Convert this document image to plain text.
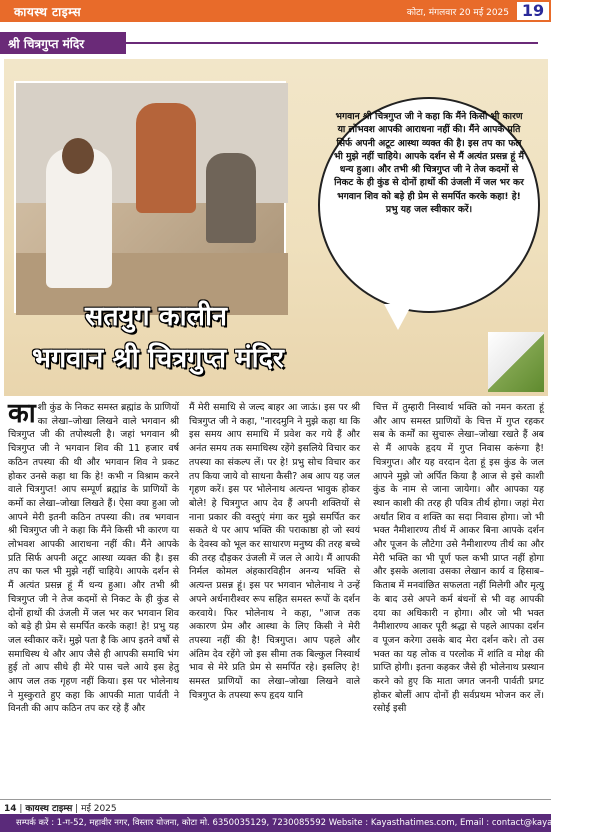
कायस्थ टाइम्स	कोटा, मंगलवार 20 मई 2025 19
श्री चित्रगुप्त मंदिर
भगवान श्री चित्रगुप्त जी ने कहा कि मैंने किसी भी कारण या लोभवश आपकी आराधना नहीं की। मैंने आपके प्रति सिर्फ अपनी अटूट आस्था व्यक्त की है। इस तप का फल भी मुझे नहीं चाहिये। आपके दर्शन से मैं अत्यंत प्रसन्न हूं मैं धन्य हुआ। और तभी श्री चित्रगुप्त जी ने तेज कदमों से निकट के ही कुंड से दोनों हाथों की उंजली में जल भर कर भगवान शिव को बड़े ही प्रेम से समर्पित करके कहा! हे! प्रभु यह जल स्वीकार करें।
सतयुग कालीन
भगवान श्री चित्रगुप्त मंदिर
काशी कुंड के निकट समस्त ब्रह्मांड के प्राणियों का लेखा–जोखा लिखने वाले भगवान श्री चित्रगुप्त जी की तपोस्थली है। जहां भगवान श्री चित्रगुप्त जी ने भगवान शिव की 11 हजार वर्ष कठिन तपस्या की थी और भगवान शिव ने प्रकट होकर उनसे कहा था कि हे! कभी न विश्राम करने वाले चित्रगुप्त! आप सम्पूर्ण ब्रह्मांड के प्राणियों के कर्मो का लेखा–जोखा लिखते हैं। ऐसा क्या हुआ जो आपने मेरी इतनी कठिन तपस्या की। तब भगवान श्री चित्रगुप्त जी ने कहा कि मैंने किसी भी कारण या लोभवश आपकी आराधना नहीं की। मैंने आपके प्रति सिर्फ अपनी अटूट आस्था व्यक्त की है। इस तप का फल भी मुझे नहीं चाहिये। आपके दर्शन से मैं अत्यंत प्रसन्न हूं मैं धन्य हुआ। और तभी श्री चित्रगुप्त जी ने तेज कदमों से निकट के ही कुंड से दोनों हाथों की उंजली में जल भर कर भगवान शिव को बड़े ही प्रेम से समर्पित करके कहा! हे! प्रभु यह जल स्वीकार करें। मुझे पता है कि आप इतने वर्षो से समाधिस्थ थे और आप जैसे ही आपकी समाधि भंग हुई तो आप सीधे ही मेरे पास चले आये इस हेतु आप जल तक गृहण नहीं किया। इस पर भोलेनाथ ने मुस्कुराते हुए कहा कि आपकी माता पार्वती ने विनती की आप कठिन तप कर रहे हैं और
मैं मेरी समाधि से जल्द बाहर आ जाऊं। इस पर श्री चित्रगुप्त जी ने कहा, "नारदमुनि ने मुझे कहा था कि इस समय आप समाधि में प्रवेश कर गये हैं और अनंत समय तक समाधिस्थ रहेंगे इसलिये विचार कर तपस्या का संकल्प लें। पर हे! प्रभु सोच विचार कर तप किया जाये वो साधना कैसी? अब आप यह जल गृहण करें। इस पर भोलेनाथ अत्यन्त भावुक होकर बोले! हे चित्रगुप्त आप देव हैं अपनी शक्तियों से नाना प्रकार की वस्तुएं मंगा कर मुझे समर्पित कर सकते थे पर आप भक्ति की पराकाष्ठा हो जो स्वयं के देवस्व को भूल कर साधारण मनुष्य की तरह बच्चे की तरह दौड़कर उंजली में जल ले आये। मैं आपकी निर्मल कोमल अंहकारविहीन अनन्य भक्ति से अत्यन्त प्रसन्न हूं। इस पर भगवान भोलेनाथ ने उन्हें अपने अर्धनारीश्वर रूप सहित समस्त रूपों के दर्शन करवाये। फिर भोलेनाथ ने कहा, "आज तक अकारण प्रेम और आस्था के लिए किसी ने मेरी तपस्या नहीं की है! चित्रगुप्त। आप पहले और अंतिम देव रहेंगे जो इस सीमा तक बिल्कुल निस्वार्थ भाव से मेरे प्रति प्रेम से समर्पित रहे। इसलिए हे! समस्त प्राणियों का लेखा–जोखा लिखने वाले चित्रगुप्त के तपस्या रूप हृदय यानि
चित्त में तुम्हारी निस्वार्थ भक्ति को नमन करता हूं और आप समस्त प्राणियों के चित्त में गुप्त रहकर सब के कर्मों का सुचारू लेखा–जोखा रखते हैं अब से मैं आपके हृदय में गुप्त निवास करूंगा है! चित्रगुप्त। और यह वरदान देता हूं इस कुंड के जल आपने मुझे जो अर्पित किया है आज से इसे काशी कुंड के नाम से जाना जायेगा। और आपका यह स्थान काशी की तरह ही पवित्र तीर्थ होगा। जहां मेरा अर्धांत शिव व शक्ति का सदा निवास होगा। जो भी भक्त नैमीशारण्य तीर्थ में आकर बिना आपके दर्शन और पूजन के लौटेगा उसे नैमीशारण्य तीर्थ का और मेरी भक्ति का भी पूर्ण फल कभी प्राप्त नहीं होगा और इसके अलावा उसका लेखान कार्य व हिसाब–किताब में मनवांछित सफलता नहीं मिलेगी और मृत्यु के बाद उसे अपने कर्म बंधनों से भी वह आपकी दया का अधिकारी न होगा। और जो भी भक्त नैमीशारण्य आकर पूरी श्रद्धा से पहले आपका दर्शन व पूजन करेगा उसके बाद मेरा दर्शन करे। तो उस भक्त का यह लोक व परलोक में शांति व मोक्ष की प्राप्ति होगी। इतना कहकर जैसे ही भोलेनाथ प्रस्थान करने को हुए कि माता जगत जननी पार्वती प्रगट होकर बोलीं आप दोनों ही सर्वप्रथम भोजन कर लें। रसोई इसी
14 | कायस्थ टाइम्स | मई 2025
सम्पर्क करें : 1-ग-52, महावीर नगर, विस्तार योजना, कोटा मो. 6350035129, 7230085592 Website : Kayasthatimes.com, Email : contact@kayasthatimes.com
